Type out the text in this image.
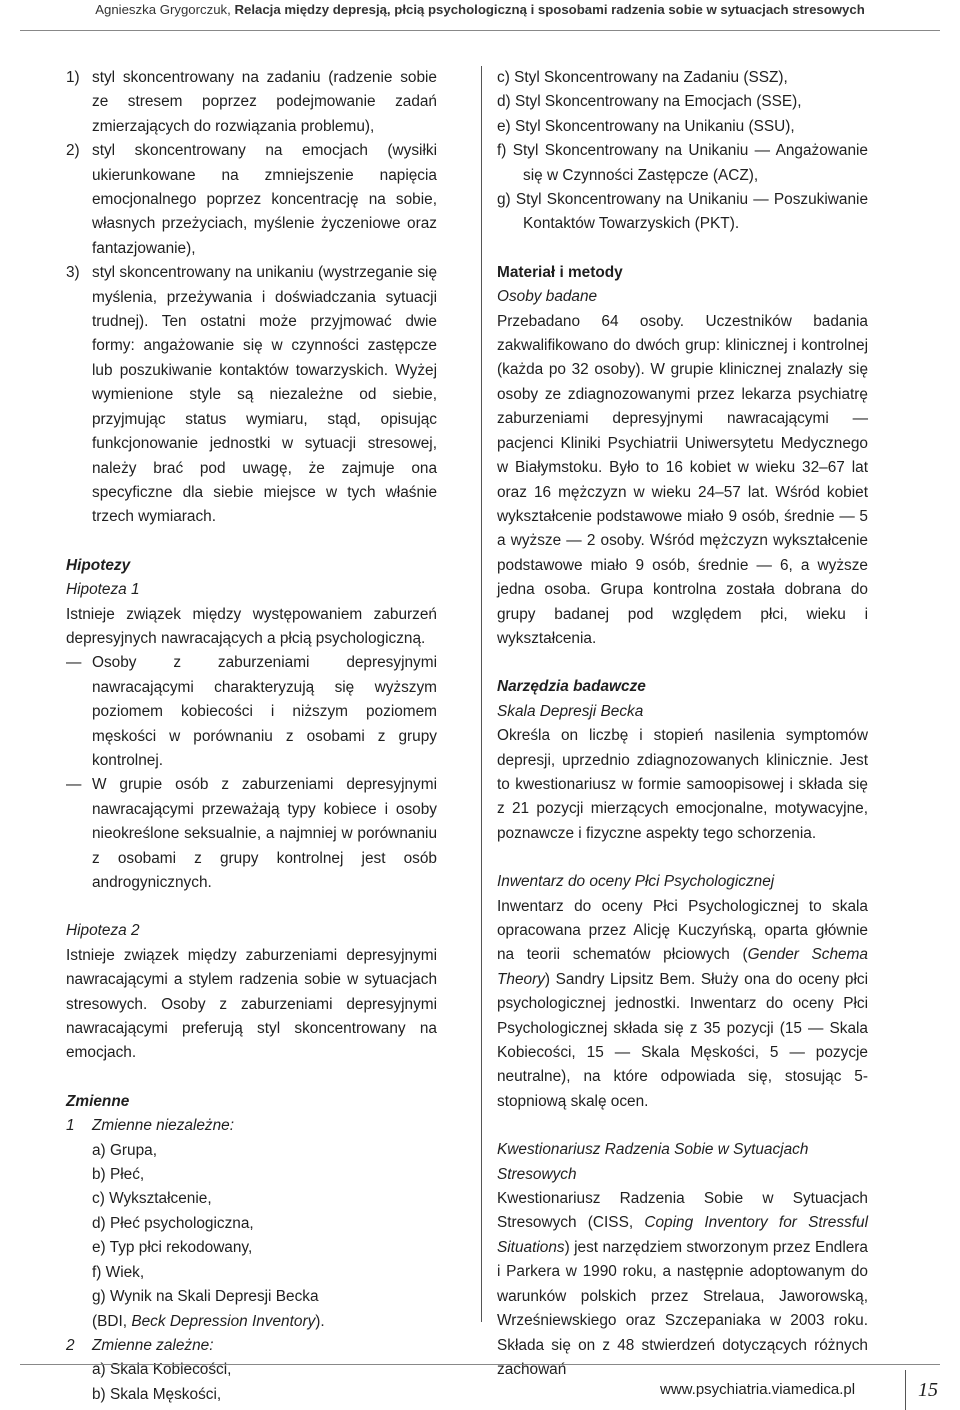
Agnieszka Grygorczuk, Relacja między depresją, płcią psychologiczną i sposobami radzenia sobie w sytuacjach stresowych
1) styl skoncentrowany na zadaniu (radzenie sobie ze stresem poprzez podejmowanie zadań zmierzających do rozwiązania problemu),
2) styl skoncentrowany na emocjach (wysiłki ukierunkowane na zmniejszenie napięcia emocjonalnego poprzez koncentrację na sobie, własnych przeżyciach, myślenie życzeniowe oraz fantazjowanie),
3) styl skoncentrowany na unikaniu (wystrzeganie się myślenia, przeżywania i doświadczania sytuacji trudnej). Ten ostatni może przyjmować dwie formy: angażowanie się w czynności zastępcze lub poszukiwanie kontaktów towarzyskich. Wyżej wymienione style są niezależne od siebie, przyjmując status wymiaru, stąd, opisując funkcjonowanie jednostki w sytuacji stresowej, należy brać pod uwagę, że zajmuje ona specyficzne dla siebie miejsce w tych właśnie trzech wymiarach.
Hipotezy
Hipoteza 1

Istnieje związek między występowaniem zaburzeń depresyjnych nawracających a płcią psychologiczną.

— Osoby z zaburzeniami depresyjnymi nawracającymi charakteryzują się wyższym poziomem kobiecości i niższym poziomem męskości w porównaniu z osobami z grupy kontrolnej.
— W grupie osób z zaburzeniami depresyjnymi nawracającymi przeważają typy kobiece i osoby nieokreślone seksualnie, a najmniej w porównaniu z osobami z grupy kontrolnej jest osób androgynicznych.
Hipoteza 2

Istnieje związek między zaburzeniami depresyjnymi nawracającymi a stylem radzenia sobie w sytuacjach stresowych. Osoby z zaburzeniami depresyjnymi nawracającymi preferują styl skoncentrowany na emocjach.

Zmienne
1	Zmienne niezależne:
a) Grupa,
b) Płeć,
c) Wykształcenie,
d) Płeć psychologiczna,
e) Typ płci rekodowany,
f) Wiek,
g) Wynik na Skali Depresji Becka
(BDI, Beck Depression Inventory).
2	Zmienne zależne:
a) Skala Kobiecości,
b) Skala Męskości,
c) Styl Skoncentrowany na Zadaniu (SSZ),
d) Styl Skoncentrowany na Emocjach (SSE),
e) Styl Skoncentrowany na Unikaniu (SSU),
f) Styl Skoncentrowany na Unikaniu — Angażowanie się w Czynności Zastępcze (ACZ),
g) Styl Skoncentrowany na Unikaniu — Poszukiwanie Kontaktów Towarzyskich (PKT).
Materiał i metody
Osoby badane

Przebadano 64 osoby. Uczestników badania zakwalifikowano do dwóch grup: klinicznej i kontrolnej (każda po 32 osoby). W grupie klinicznej znalazły się osoby ze zdiagnozowanymi przez lekarza psychiatrę zaburzeniami depresyjnymi nawracającymi — pacjenci Kliniki Psychiatrii Uniwersytetu Medycznego w Białymstoku. Było to 16 kobiet w wieku 32–67 lat oraz 16 mężczyzn w wieku 24–57 lat. Wśród kobiet wykształcenie podstawowe miało 9 osób, średnie — 5 a wyższe — 2 osoby. Wśród mężczyzn wykształcenie podstawowe miało 9 osób, średnie — 6, a wyższe jedna osoba. Grupa kontrolna została dobrana do grupy badanej pod względem płci, wieku i wykształcenia.

Narzędzia badawcze
Skala Depresji Becka

Określa on liczbę i stopień nasilenia symptomów depresji, uprzednio zdiagnozowanych klinicznie. Jest to kwestionariusz w formie samoopisowej i składa się z 21 pozycji mierzących emocjonalne, motywacyjne, poznawcze i fizyczne aspekty tego schorzenia.

Inwentarz do oceny Płci Psychologicznej

Inwentarz do oceny Płci Psychologicznej to skala opracowana przez Alicję Kuczyńską, oparta głównie na teorii schematów płciowych (Gender Schema Theory) Sandry Lipsitz Bem. Służy ona do oceny płci psychologicznej jednostki. Inwentarz do oceny Płci Psychologicznej składa się z 35 pozycji (15 — Skala Kobiecości, 15 — Skala Męskości, 5 — pozycje neutralne), na które odpowiada się, stosując 5-stopniową skalę ocen.

Kwestionariusz Radzenia Sobie w Sytuacjach Stresowych

Kwestionariusz Radzenia Sobie w Sytuacjach Stresowych (CISS, Coping Inventory for Stressful Situations) jest narzędziem stworzonym przez Endlera i Parkera w 1990 roku, a następnie adoptowanym do warunków polskich przez Strelaua, Jaworowską, Wrześniewskiego oraz Szczepaniaka w 2003 roku. Składa się on z 48 stwierdzeń dotyczących różnych zachowań

www.psychiatria.viamedica.pl	15
